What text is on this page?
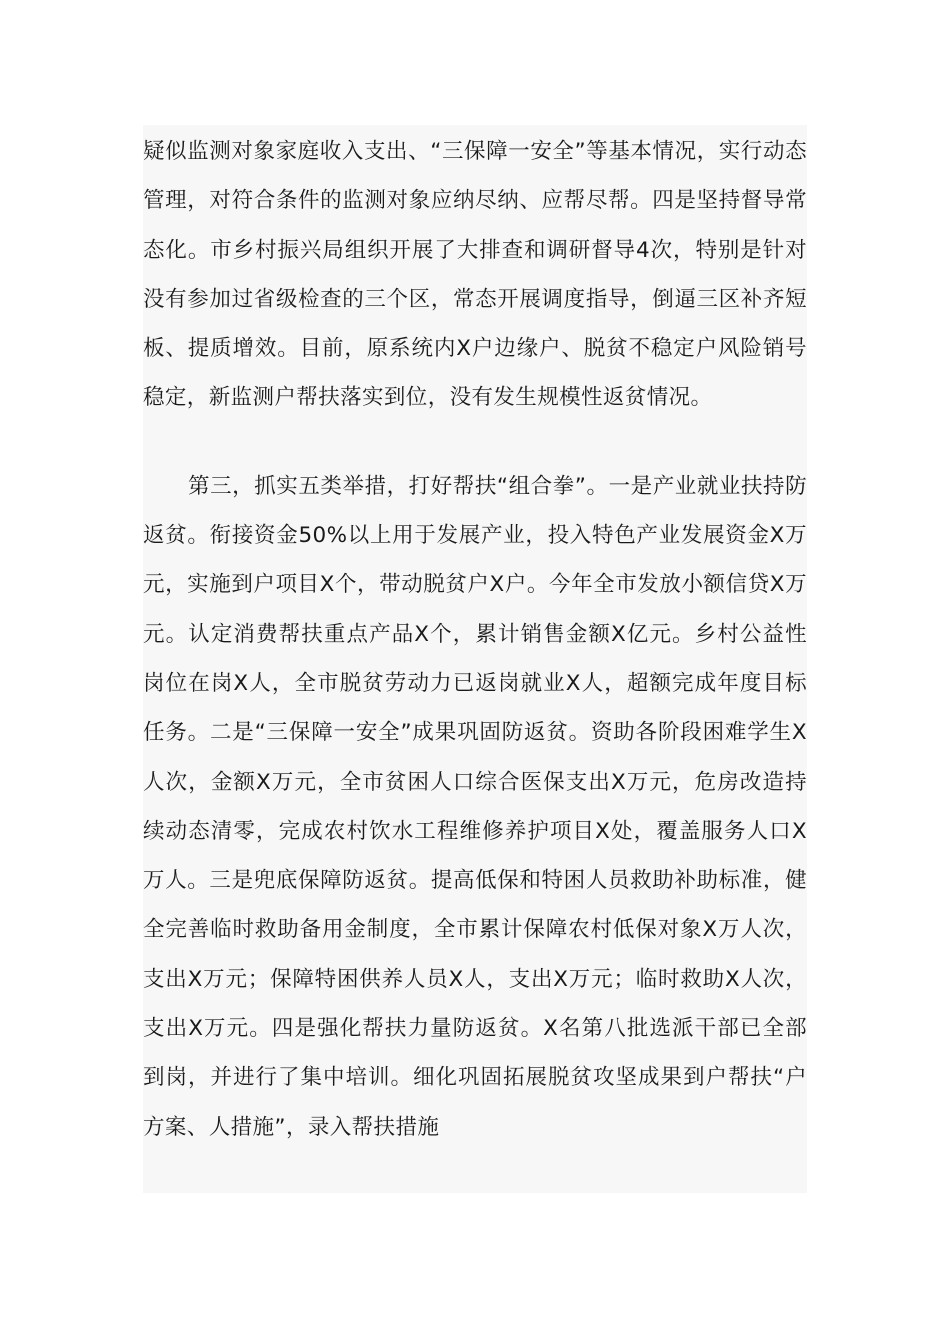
疑似监测对象家庭收入支出、“三保障一安全”等基本情况，实行动态管理，对符合条件的监测对象应纳尽纳、应帮尽帮。四是坚持督导常态化。市乡村振兴局组织开展了大排查和调研督导4次，特别是针对没有参加过省级检查的三个区，常态开展调度指导，倒逼三区补齐短板、提质增效。目前，原系统内X户边缘户、脱贫不稳定户风险销号稳定，新监测户帮扶落实到位，没有发生规模性返贫情况。

第三，抓实五类举措，打好帮扶“组合拳”。一是产业就业扶持防返贫。衔接资金50%以上用于发展产业，投入特色产业发展资金X万元，实施到户项目X个，带动脱贫户X户。今年全市发放小额信贷X万元。认定消费帮扶重点产品X个，累计销售金额X亿元。乡村公益性岗位在岗X人，全市脱贫劳动力已返岗就业X人，超额完成年度目标任务。二是“三保障一安全”成果巩固防返贫。资助各阶段困难学生X人次，金额X万元，全市贫困人口综合医保支出X万元，危房改造持续动态清零，完成农村饮水工程维修养护项目X处，覆盖服务人口X万人。三是兜底保障防返贫。提高低保和特困人员救助补助标准，健全完善临时救助备用金制度，全市累计保障农村低保对象X万人次，支出X万元；保障特困供养人员X人，支出X万元；临时救助X人次，支出X万元。四是强化帮扶力量防返贫。X名第八批选派干部已全部到岗，并进行了集中培训。细化巩固拓展脱贫攻坚成果到户帮扶“户方案、人措施”，录入帮扶措施
